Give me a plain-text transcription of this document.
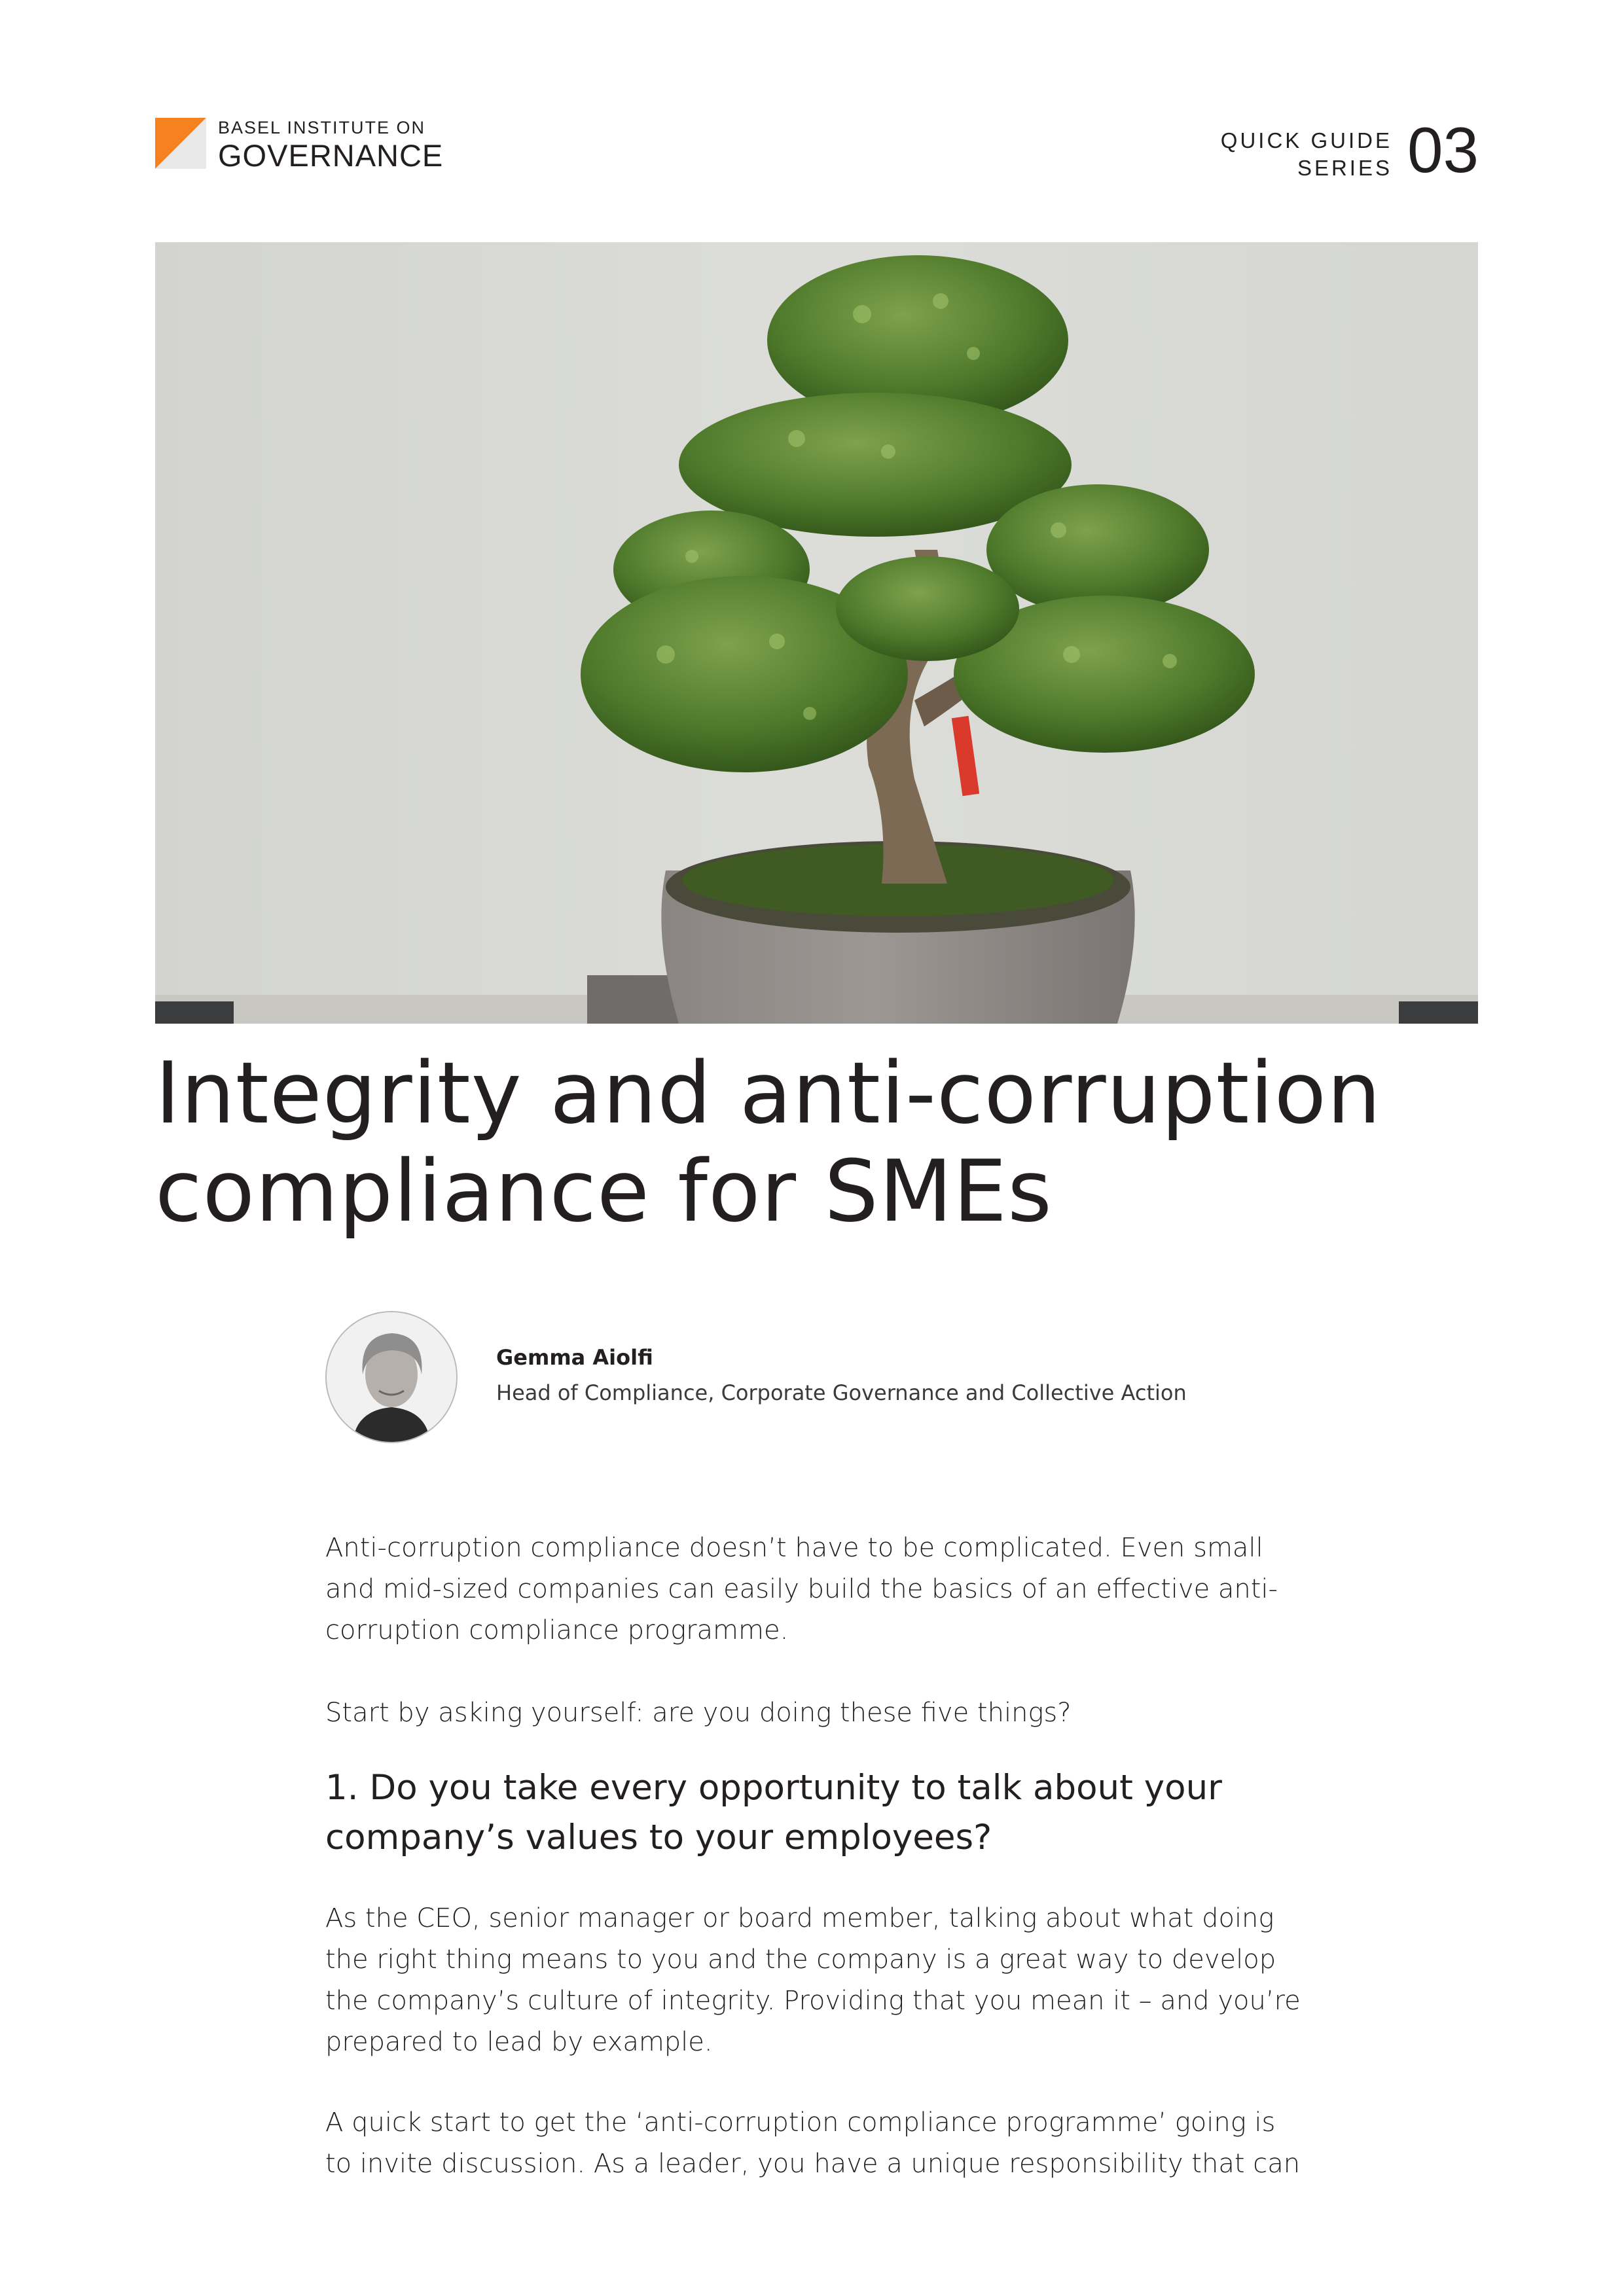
BASEL INSTITUTE ON
GOVERNANCE	QUICK GUIDE
SERIES 03
Integrity and anti-corruption
compliance for SMEs
Gemma Aiolfi
Head of Compliance, Corporate Governance and Collective Action

Anti-corruption compliance doesn’t have to be complicated. Even small
and mid-sized companies can easily build the basics of an effective anti-
corruption compliance programme.

Start by asking yourself: are you doing these five things?

1. Do you take every opportunity to talk about your
company’s values to your employees?

As the CEO, senior manager or board member, talking about what doing
the right thing means to you and the company is a great way to develop
the company’s culture of integrity. Providing that you mean it – and you’re
prepared to lead by example.

A quick start to get the ‘anti-corruption compliance programme’ going is
to invite discussion. As a leader, you have a unique responsibility that can
